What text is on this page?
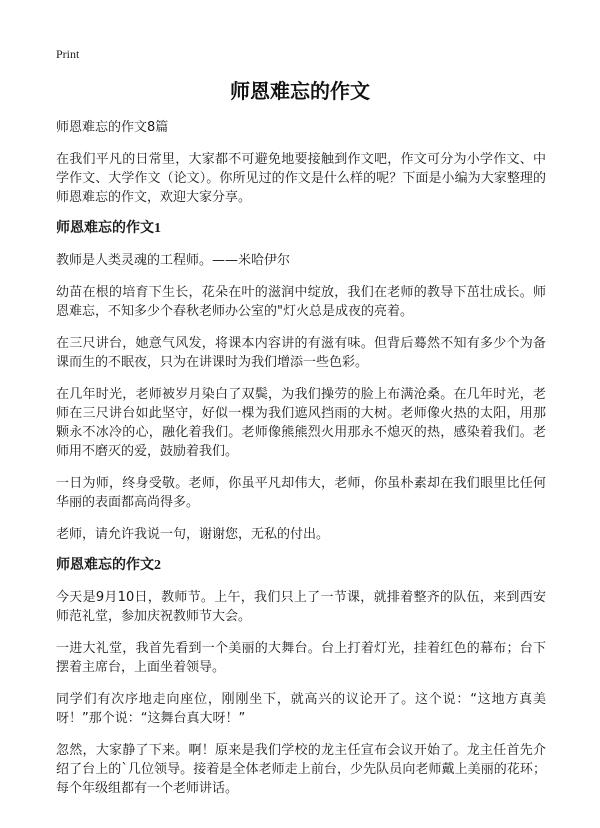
Print
师恩难忘的作文
师恩难忘的作文8篇

在我们平凡的日常里，大家都不可避免地要接触到作文吧，作文可分为小学作文、中学作文、大学作文（论文）。你所见过的作文是什么样的呢？下面是小编为大家整理的师恩难忘的作文，欢迎大家分享。

师恩难忘的作文1

教师是人类灵魂的工程师。——米哈伊尔

幼苗在根的培育下生长，花朵在叶的滋润中绽放，我们在老师的教导下茁壮成长。师恩难忘，不知多少个春秋老师办公室的"灯火总是成夜的亮着。

在三尺讲台，她意气风发，将课本内容讲的有滋有味。但背后蓦然不知有多少个为备课而生的不眠夜，只为在讲课时为我们增添一些色彩。

在几年时光，老师被岁月染白了双鬓，为我们操劳的脸上布满沧桑。在几年时光，老师在三尺讲台如此坚守，好似一棵为我们遮风挡雨的大树。老师像火热的太阳，用那颗永不冰冷的心，融化着我们。老师像熊熊烈火用那永不熄灭的热，感染着我们。老师用不磨灭的爱，鼓励着我们。

一日为师，终身受敬。老师，你虽平凡却伟大，老师，你虽朴素却在我们眼里比任何华丽的表面都高尚得多。

老师，请允许我说一句，谢谢您，无私的付出。

师恩难忘的作文2

今天是9月10日，教师节。上午，我们只上了一节课，就排着整齐的队伍，来到西安师范礼堂，参加庆祝教师节大会。

一进大礼堂，我首先看到一个美丽的大舞台。台上打着灯光，挂着红色的幕布；台下摆着主席台，上面坐着领导。

同学们有次序地走向座位，刚刚坐下，就高兴的议论开了。这个说：“这地方真美呀！”那个说：“这舞台真大呀！”

忽然，大家静了下来。啊！原来是我们学校的龙主任宣布会议开始了。龙主任首先介绍了台上的`几位领导。接着是全体老师走上前台，少先队员向老师戴上美丽的花环；每个年级组都有一个老师讲话。
